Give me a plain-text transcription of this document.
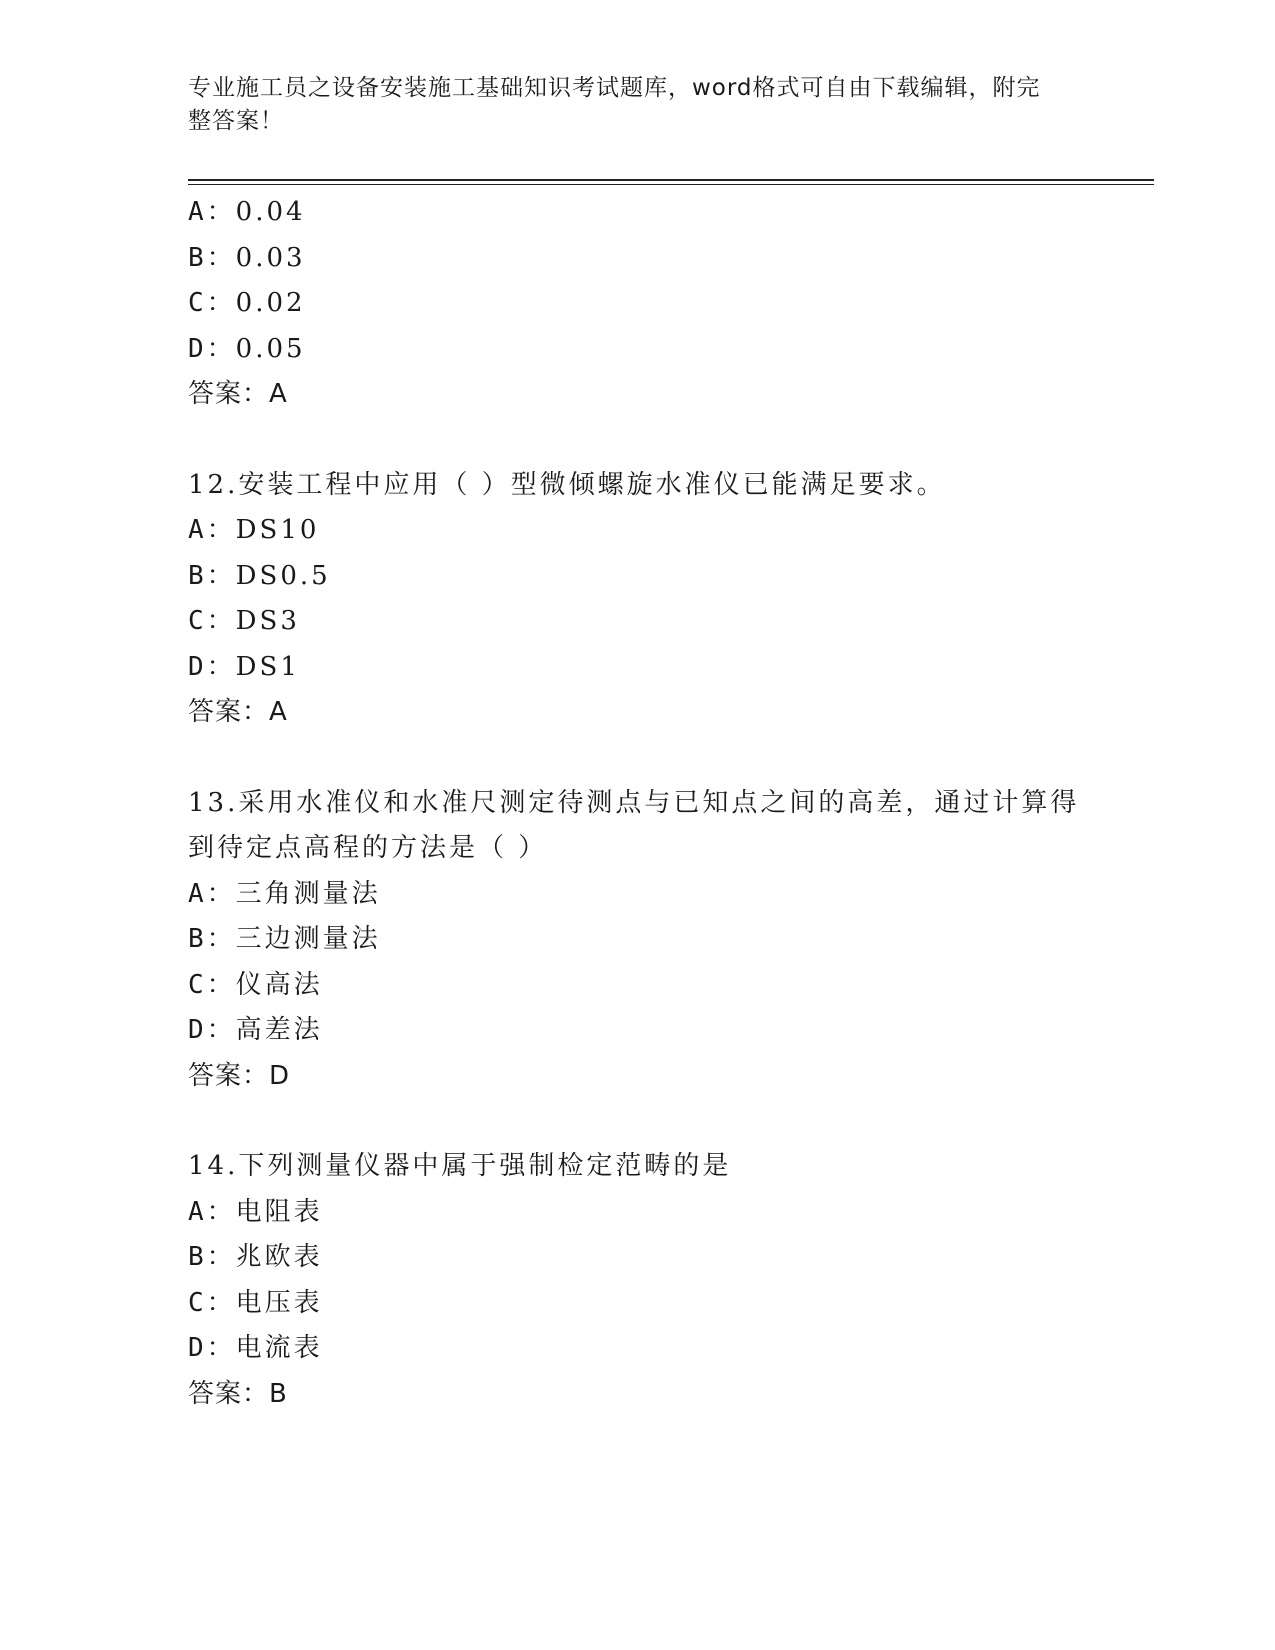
专业施工员之设备安装施工基础知识考试题库，word格式可自由下载编辑，附完
整答案！
A：0.04
B：0.03
C：0.02
D：0.05
答案：A
12.安装工程中应用（ ）型微倾螺旋水准仪已能满足要求。
A：DS10
B：DS0.5
C：DS3
D：DS1
答案：A
13.采用水准仪和水准尺测定待测点与已知点之间的高差，通过计算得
到待定点高程的方法是（ ）
A：三角测量法
B：三边测量法
C：仪高法
D：高差法
答案：D
14.下列测量仪器中属于强制检定范畴的是
A：电阻表
B：兆欧表
C：电压表
D：电流表
答案：B
